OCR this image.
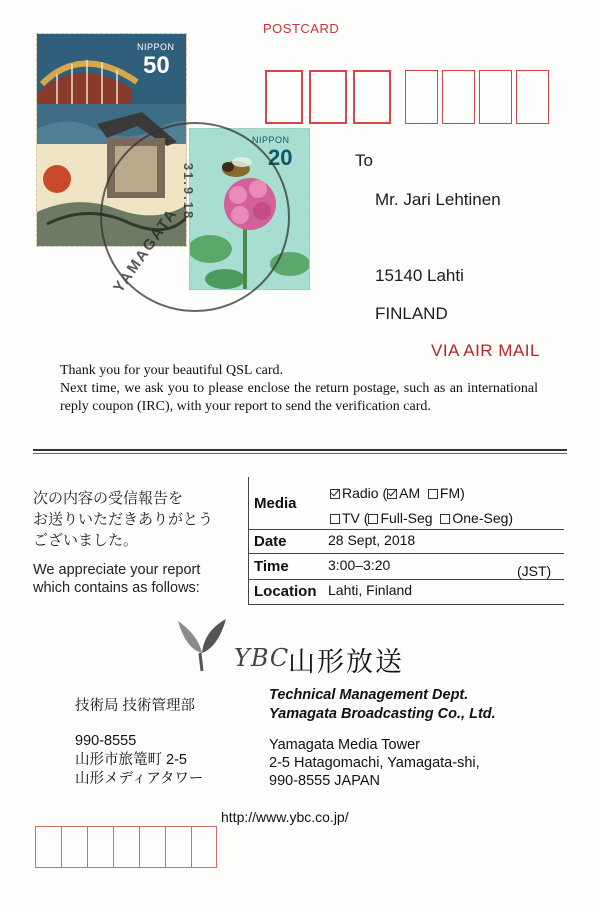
POSTCARD
NIPPON
50
NIPPON
20
YAMAGATA
31.9.18
To
Mr. Jari Lehtinen
15140 Lahti
FINLAND
VIA AIR MAIL
Thank you for your beautiful QSL card.
Next time, we ask you to please enclose the return postage, such as an international reply coupon (IRC), with your report to send the verification card.
次の内容の受信報告を
お送りいただきありがとう
ございました。
We appreciate your report
which contains as follows:
Media
Radio ( AM FM)
TV ( Full-Seg One-Seg)
Date	28 Sept, 2018
Time	3:00–3:20	(JST)
Location Lahti, Finland
YBC
山形放送
技術局 技術管理部
Technical Management Dept.
Yamagata Broadcasting Co., Ltd.
990-8555
山形市旅篭町 2-5
山形メディアタワー
Yamagata Media Tower
2-5 Hatagomachi, Yamagata-shi,
990-8555 JAPAN
http://www.ybc.co.jp/
